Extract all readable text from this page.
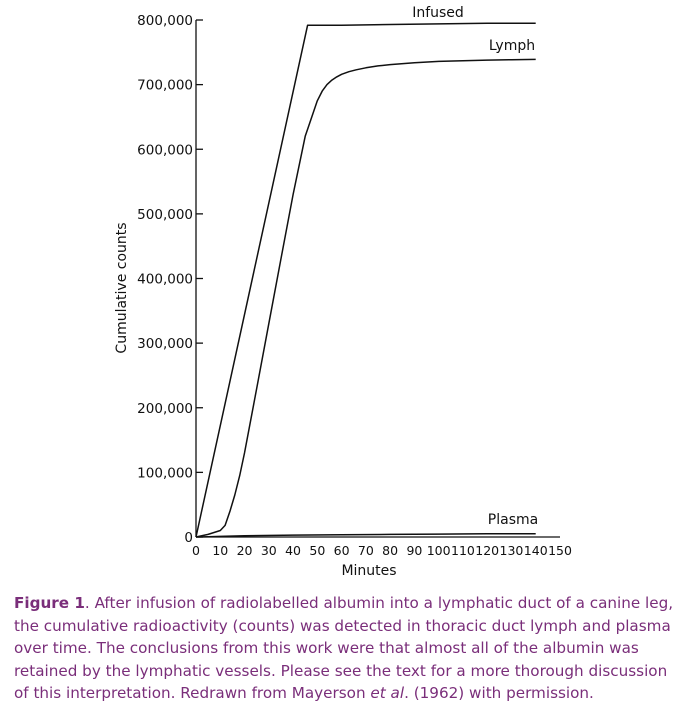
0
100,000
200,000
300,000
400,000
500,000
600,000
700,000
800,000
0 10 20 30 40 50 60 70 80 90 100 110 120 130 140 150
Infused
Lymph
Plasma
Cumulative counts
Minutes

Figure 1. After infusion of radiolabelled albumin into a lymphatic duct of a canine leg, the cumulative radioactivity (counts) was detected in thoracic duct lymph and plasma over time. The conclusions from this work were that almost all of the albumin was retained by the lymphatic vessels. Please see the text for a more thorough discussion of this interpretation. Redrawn from Mayerson et al. (1962) with permission.
